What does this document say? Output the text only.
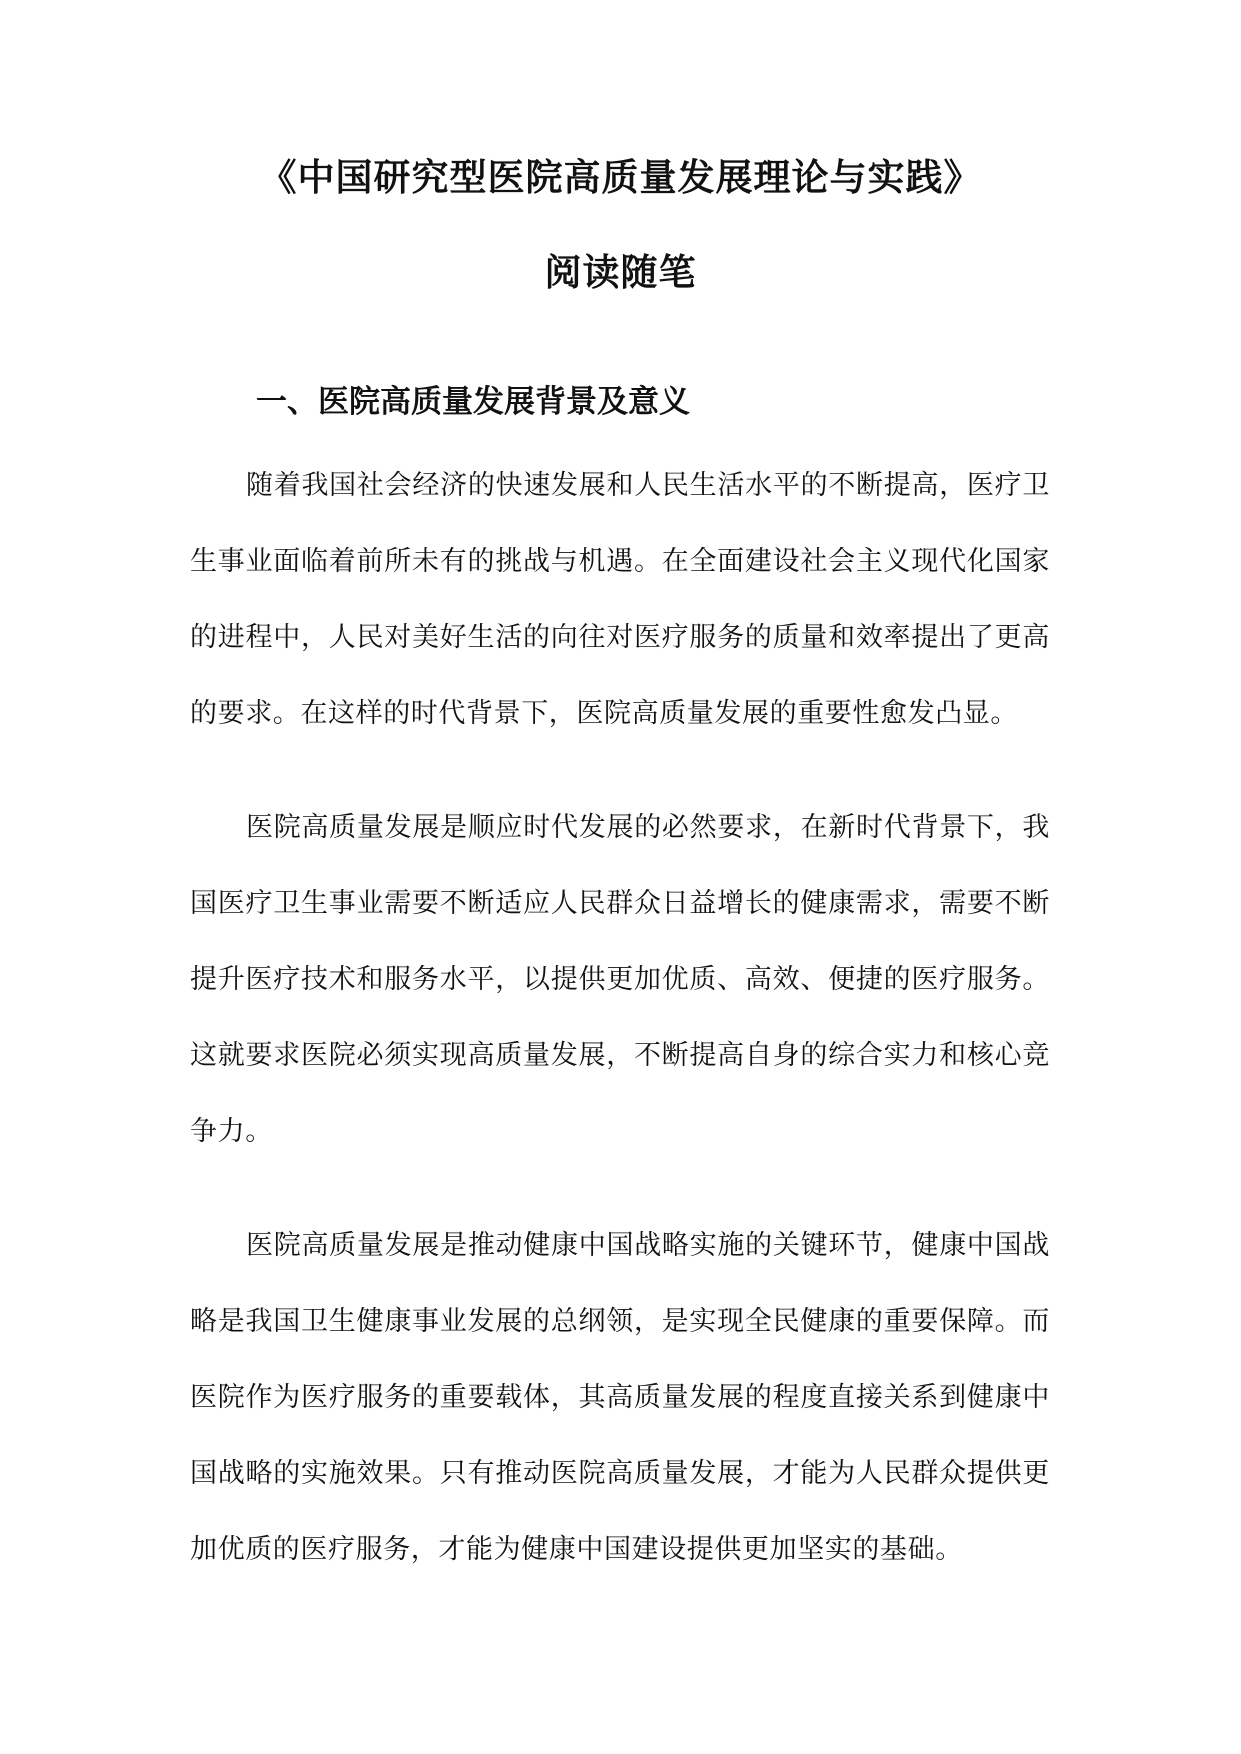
《中国研究型医院高质量发展理论与实践》
阅读随笔
一、医院高质量发展背景及意义

随着我国社会经济的快速发展和人民生活水平的不断提高，医疗卫生事业面临着前所未有的挑战与机遇。在全面建设社会主义现代化国家的进程中，人民对美好生活的向往对医疗服务的质量和效率提出了更高的要求。在这样的时代背景下，医院高质量发展的重要性愈发凸显。

医院高质量发展是顺应时代发展的必然要求，在新时代背景下，我国医疗卫生事业需要不断适应人民群众日益增长的健康需求，需要不断提升医疗技术和服务水平，以提供更加优质、高效、便捷的医疗服务。这就要求医院必须实现高质量发展，不断提高自身的综合实力和核心竞争力。

医院高质量发展是推动健康中国战略实施的关键环节，健康中国战略是我国卫生健康事业发展的总纲领，是实现全民健康的重要保障。而医院作为医疗服务的重要载体，其高质量发展的程度直接关系到健康中国战略的实施效果。只有推动医院高质量发展，才能为人民群众提供更加优质的医疗服务，才能为健康中国建设提供更加坚实的基础。
